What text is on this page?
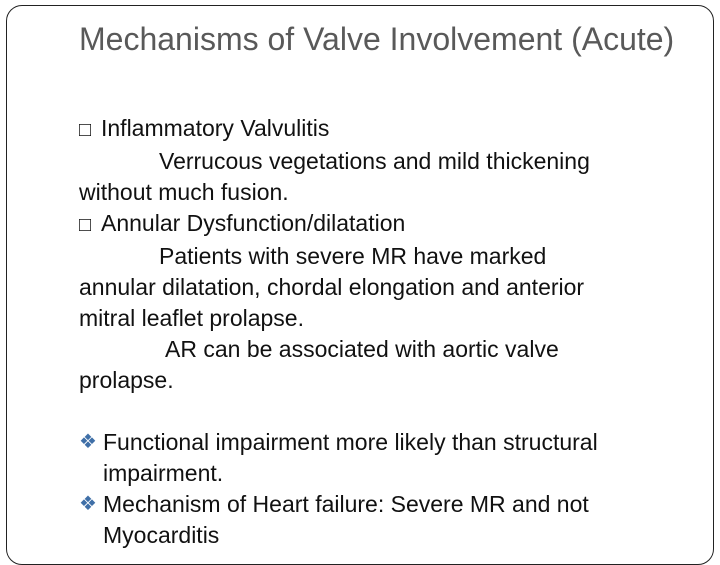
Mechanisms of Valve Involvement (Acute)

□ Inflammatory Valvulitis

Verrucous vegetations and mild thickening

without much fusion.

□ Annular Dysfunction/dilatation

Patients with severe MR have marked

annular dilatation, chordal elongation and anterior

mitral leaflet prolapse.

AR can be associated with aortic valve

prolapse.

❖ Functional impairment more likely than structural impairment.
❖ Mechanism of Heart failure: Severe MR and not Myocarditis
